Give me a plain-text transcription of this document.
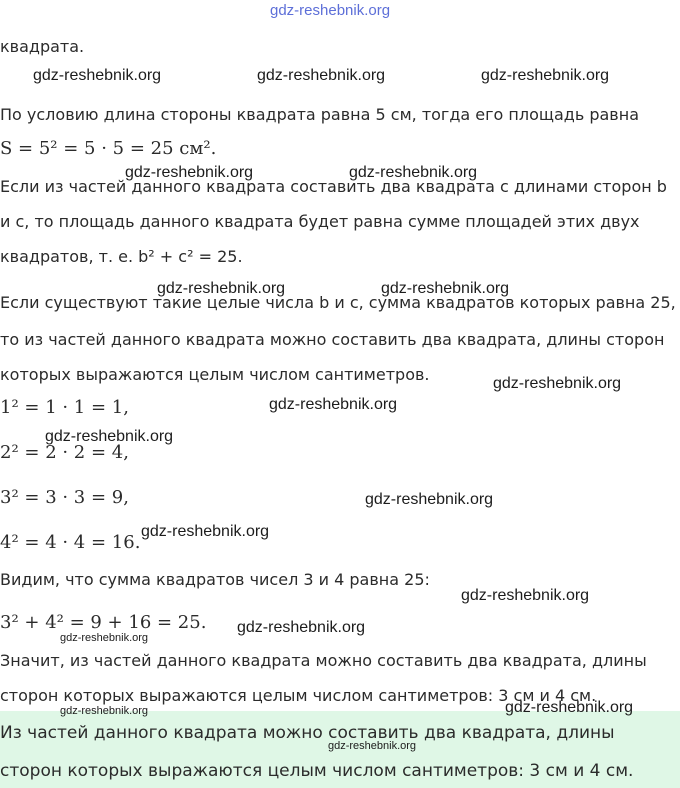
gdz-reshebnik.org
квадрата.
По условию длина стороны квадрата равна 5 см, тогда его площадь равна
S = 5² = 5 · 5 = 25 см².
Если из частей данного квадрата составить два квадрата с длинами сторон b
и c, то площадь данного квадрата будет равна сумме площадей этих двух
квадратов, т. е. b² + c² = 25.
Если существуют такие целые числа b и c, сумма квадратов которых равна 25,
то из частей данного квадрата можно составить два квадрата, длины сторон
которых выражаются целым числом сантиметров.
1² = 1 · 1 = 1,
2² = 2 · 2 = 4,
3² = 3 · 3 = 9,
4² = 4 · 4 = 16.
Видим, что сумма квадратов чисел 3 и 4 равна 25:
3² + 4² = 9 + 16 = 25.
Значит, из частей данного квадрата можно составить два квадрата, длины
сторон которых выражаются целым числом сантиметров: 3 см и 4 см.
Из частей данного квадрата можно составить два квадрата, длины
сторон которых выражаются целым числом сантиметров: 3 см и 4 см.
gdz-reshebnik.org	gdz-reshebnik.org	gdz-reshebnik.org
gdz-reshebnik.org	gdz-reshebnik.org
gdz-reshebnik.org	gdz-reshebnik.org
gdz-reshebnik.org
gdz-reshebnik.org
gdz-reshebnik.org
gdz-reshebnik.org
gdz-reshebnik.org
gdz-reshebnik.org
gdz-reshebnik.org
gdz-reshebnik.org
gdz-reshebnik.org	gdz-reshebnik.org
gdz-reshebnik.org
